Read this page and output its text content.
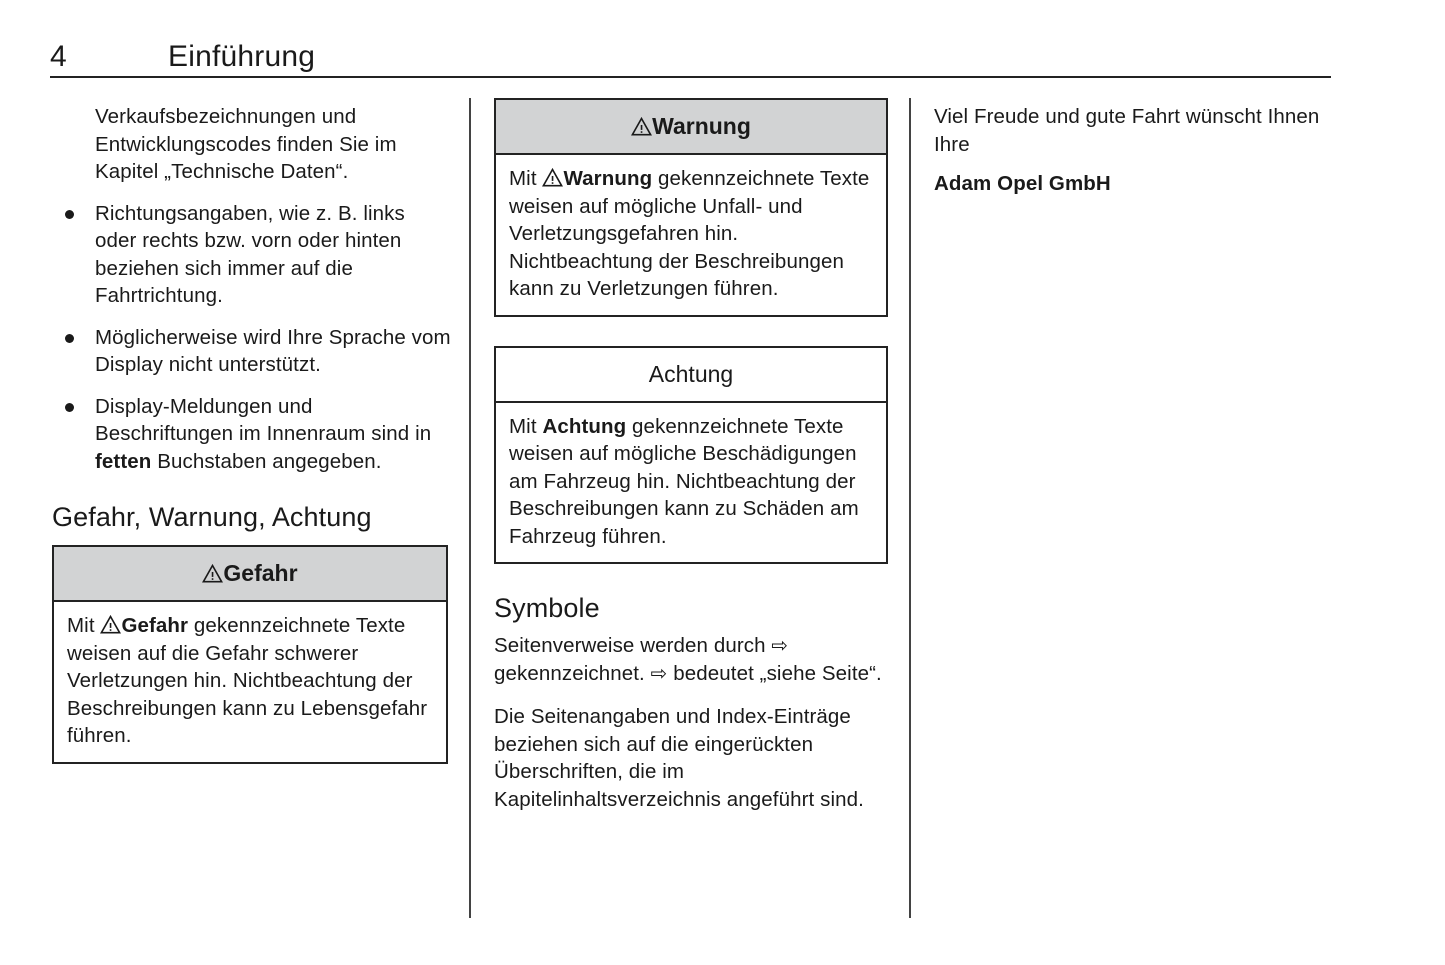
4	Einführung

Verkaufsbezeichnungen und Entwicklungscodes finden Sie im Kapitel „Technische Daten“.

Richtungsangaben, wie z. B. links oder rechts bzw. vorn oder hinten beziehen sich immer auf die Fahrtrichtung.
Möglicherweise wird Ihre Sprache vom Display nicht unterstützt.
Display-Meldungen und Beschriftungen im Innenraum sind in fetten Buchstaben angegeben.
Gefahr, Warnung, Achtung
Gefahr
Mit
Gefahr gekennzeichnete Texte weisen auf die Gefahr schwerer Verletzungen hin. Nichtbeachtung der Beschreibungen kann zu Lebensgefahr führen.
Warnung
Mit
Warnung gekennzeichnete Texte weisen auf mögliche Unfall- und Verletzungsgefahren hin. Nichtbeachtung der Beschreibungen kann zu Verletzungen führen.
Achtung
Mit Achtung gekennzeichnete Texte weisen auf mögliche Beschädigungen am Fahrzeug hin. Nichtbeachtung der Beschreibungen kann zu Schäden am Fahrzeug führen.
Symbole

Seitenverweise werden durch ⇨ gekennzeichnet. ⇨ bedeutet „siehe Seite“.

Die Seitenangaben und Index-Einträge beziehen sich auf die eingerückten Überschriften, die im Kapitelinhaltsverzeichnis angeführt sind.

Viel Freude und gute Fahrt wünscht Ihnen Ihre

Adam Opel GmbH
